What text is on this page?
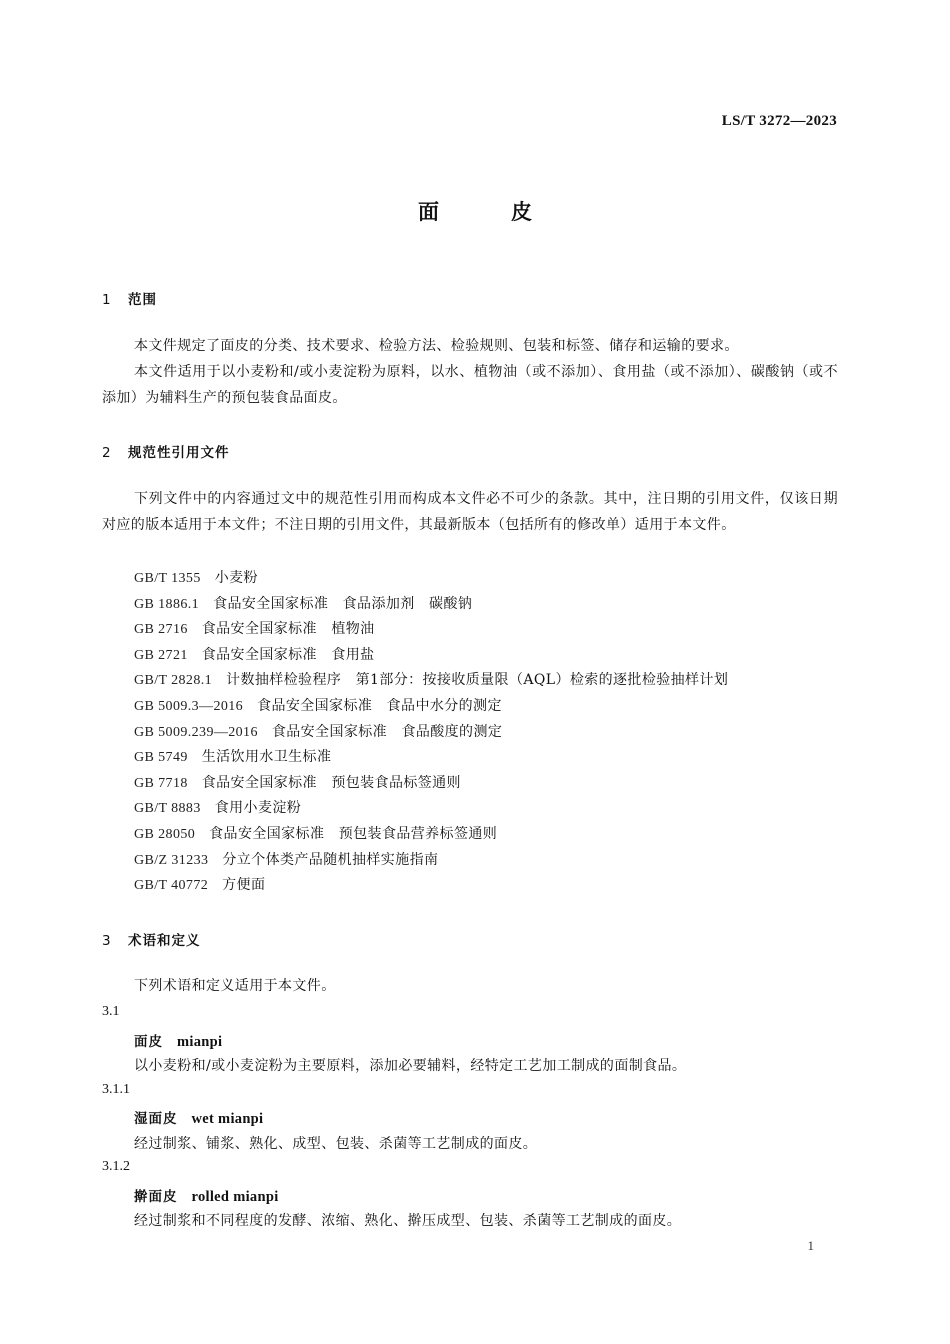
LS/T 3272—2023
面皮
1 范围
本文件规定了面皮的分类、技术要求、检验方法、检验规则、包装和标签、储存和运输的要求。
本文件适用于以小麦粉和/或小麦淀粉为原料，以水、植物油（或不添加）、食用盐（或不添加）、碳酸钠（或不添加）为辅料生产的预包装食品面皮。
2 规范性引用文件
下列文件中的内容通过文中的规范性引用而构成本文件必不可少的条款。其中，注日期的引用文件，仅该日期对应的版本适用于本文件；不注日期的引用文件，其最新版本（包括所有的修改单）适用于本文件。
GB/T 1355 小麦粉
GB 1886.1 食品安全国家标准　食品添加剂　碳酸钠
GB 2716 食品安全国家标准　植物油
GB 2721 食品安全国家标准　食用盐
GB/T 2828.1 计数抽样检验程序　第1部分：按接收质量限（AQL）检索的逐批检验抽样计划
GB 5009.3—2016 食品安全国家标准　食品中水分的测定
GB 5009.239—2016 食品安全国家标准　食品酸度的测定
GB 5749 生活饮用水卫生标准
GB 7718 食品安全国家标准　预包装食品标签通则
GB/T 8883 食用小麦淀粉
GB 28050 食品安全国家标准　预包装食品营养标签通则
GB/Z 31233 分立个体类产品随机抽样实施指南
GB/T 40772 方便面
3 术语和定义
下列术语和定义适用于本文件。
3.1
面皮 mianpi
以小麦粉和/或小麦淀粉为主要原料，添加必要辅料，经特定工艺加工制成的面制食品。
3.1.1
湿面皮 wet mianpi
经过制浆、铺浆、熟化、成型、包装、杀菌等工艺制成的面皮。
3.1.2
擀面皮 rolled mianpi
经过制浆和不同程度的发酵、浓缩、熟化、擀压成型、包装、杀菌等工艺制成的面皮。
1
